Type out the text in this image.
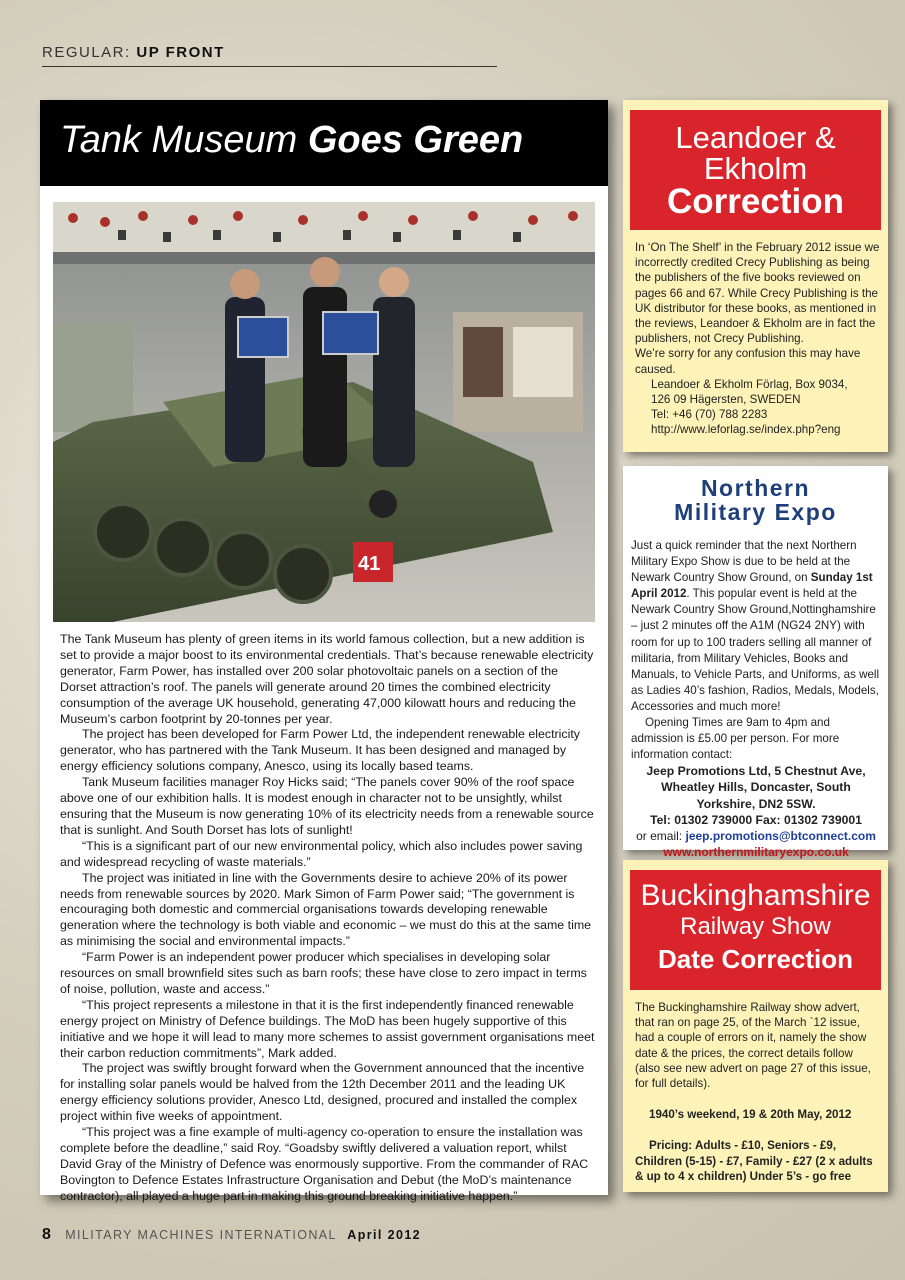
REGULAR: UP FRONT
Tank Museum Goes Green
41

The Tank Museum has plenty of green items in its world famous collection, but a new addition is set to provide a major boost to its environmental credentials. That’s because renewable electricity generator, Farm Power, has installed over 200 solar photovoltaic panels on a section of the Dorset attraction’s roof. The panels will generate around 20 times the combined electricity consumption of the average UK household, generating 47,000 kilowatt hours and reducing the Museum’s carbon footprint by 20-tonnes per year.

The project has been developed for Farm Power Ltd, the independent renewable electricity generator, who has partnered with the Tank Museum. It has been designed and managed by energy efficiency solutions company, Anesco, using its locally based teams.

Tank Museum facilities manager Roy Hicks said; “The panels cover 90% of the roof space above one of our exhibition halls. It is modest enough in character not to be unsightly, whilst ensuring that the Museum is now generating 10% of its electricity needs from a renewable source that is sunlight. And South Dorset has lots of sunlight!

“This is a significant part of our new environmental policy, which also includes power saving and widespread recycling of waste materials.”

The project was initiated in line with the Governments desire to achieve 20% of its power needs from renewable sources by 2020. Mark Simon of Farm Power said; “The government is encouraging both domestic and commercial organisations towards developing renewable generation where the technology is both viable and economic – we must do this at the same time as minimising the social and environmental impacts.”

“Farm Power is an independent power producer which specialises in developing solar resources on small brownfield sites such as barn roofs; these have close to zero impact in terms of noise, pollution, waste and access.”

“This project represents a milestone in that it is the first independently financed renewable energy project on Ministry of Defence buildings. The MoD has been hugely supportive of this initiative and we hope it will lead to many more schemes to assist government organisations meet their carbon reduction commitments”, Mark added.

The project was swiftly brought forward when the Government announced that the incentive for installing solar panels would be halved from the 12th December 2011 and the leading UK energy efficiency solutions provider, Anesco Ltd, designed, procured and installed the complex project within five weeks of appointment.

“This project was a fine example of multi-agency co-operation to ensure the installation was complete before the deadline,” said Roy. “Goadsby swiftly delivered a valuation report, whilst David Gray of the Ministry of Defence was enormously supportive. From the commander of RAC Bovington to Defence Estates Infrastructure Organisation and Debut (the MoD’s maintenance contractor), all played a huge part in making this ground breaking initiative happen.”

Leandoer &
Ekholm
Correction
In ‘On The Shelf’ in the February 2012 issue we incorrectly credited Crecy Publishing as being the publishers of the five books reviewed on pages 66 and 67. While Crecy Publishing is the UK distributor for these books, as mentioned in the reviews, Leandoer & Ekholm are in fact the publishers, not Crecy Publishing.
We’re sorry for any confusion this may have caused.
Leandoer & Ekholm Förlag, Box 9034,
126 09 Hägersten, SWEDEN
Tel: +46 (70) 788 2283
http://www.leforlag.se/index.php?eng
Northern
Military Expo

Just a quick reminder that the next Northern Military Expo Show is due to be held at the Newark Country Show Ground, on Sunday 1st April 2012. This popular event is held at the Newark Country Show Ground,Nottinghamshire – just 2 minutes off the A1M (NG24 2NY) with room for up to 100 traders selling all manner of militaria, from Military Vehicles, Books and Manuals, to Vehicle Parts, and Uniforms, as well as Ladies 40’s fashion, Radios, Medals, Models, Accessories and much more!

Opening Times are 9am to 4pm and admission is £5.00 per person. For more information contact:

Jeep Promotions Ltd, 5 Chestnut Ave, Wheatley Hills, Doncaster, South Yorkshire, DN2 5SW.

Tel: 01302 739000 Fax: 01302 739001

or email: jeep.promotions@btconnect.com

www.northernmilitaryexpo.co.uk

Buckinghamshire
Railway Show
Date Correction

The Buckinghamshire Railway show advert, that ran on page 25, of the March `12 issue, had a couple of errors on it, namely the show date & the prices, the correct details follow (also see new advert on page 27 of this issue, for full details).

1940’s weekend, 19 & 20th May, 2012

Pricing: Adults - £10, Seniors - £9, Children (5-15) - £7, Family - £27 (2 x adults & up to 4 x children) Under 5’s - go free

8 MILITARY MACHINES INTERNATIONAL April 2012
